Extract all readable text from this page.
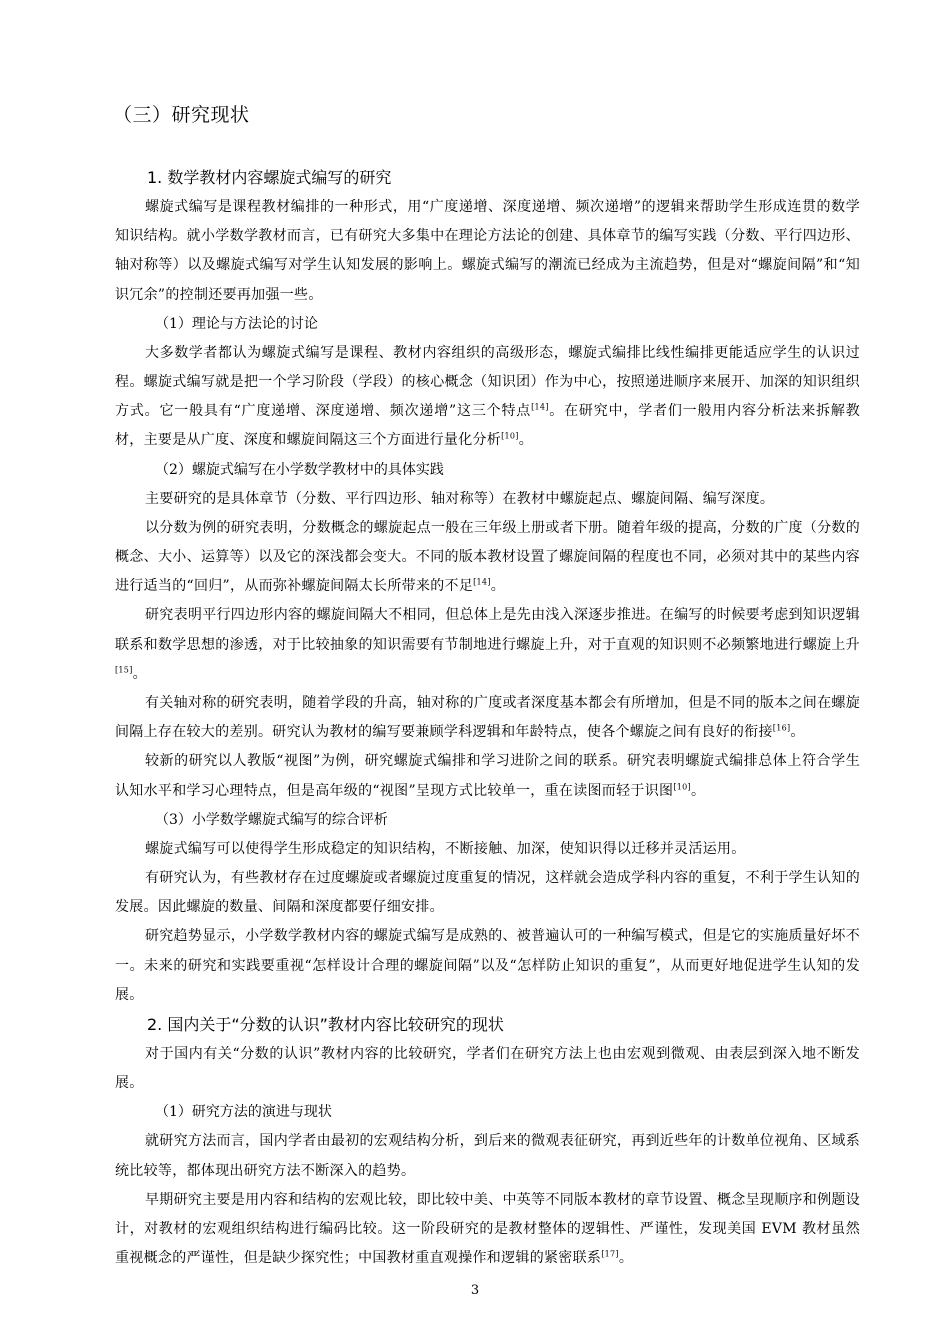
（三）研究现状
1. 数学教材内容螺旋式编写的研究

螺旋式编写是课程教材编排的一种形式，用“广度递增、深度递增、频次递增”的逻辑来帮助学生形成连贯的数学知识结构。就小学数学教材而言，已有研究大多集中在理论方法论的创建、具体章节的编写实践（分数、平行四边形、轴对称等）以及螺旋式编写对学生认知发展的影响上。螺旋式编写的潮流已经成为主流趋势，但是对“螺旋间隔”和“知识冗余”的控制还要再加强一些。

（1）理论与方法论的讨论

大多数学者都认为螺旋式编写是课程、教材内容组织的高级形态，螺旋式编排比线性编排更能适应学生的认识过程。螺旋式编写就是把一个学习阶段（学段）的核心概念（知识团）作为中心，按照递进顺序来展开、加深的知识组织方式。它一般具有“广度递增、深度递增、频次递增”这三个特点[14]。在研究中，学者们一般用内容分析法来拆解教材，主要是从广度、深度和螺旋间隔这三个方面进行量化分析[10]。

（2）螺旋式编写在小学数学教材中的具体实践

主要研究的是具体章节（分数、平行四边形、轴对称等）在教材中螺旋起点、螺旋间隔、编写深度。

以分数为例的研究表明，分数概念的螺旋起点一般在三年级上册或者下册。随着年级的提高，分数的广度（分数的概念、大小、运算等）以及它的深浅都会变大。不同的版本教材设置了螺旋间隔的程度也不同，必须对其中的某些内容进行适当的“回归”，从而弥补螺旋间隔太长所带来的不足[14]。

研究表明平行四边形内容的螺旋间隔大不相同，但总体上是先由浅入深逐步推进。在编写的时候要考虑到知识逻辑联系和数学思想的渗透，对于比较抽象的知识需要有节制地进行螺旋上升，对于直观的知识则不必频繁地进行螺旋上升[15]。

有关轴对称的研究表明，随着学段的升高，轴对称的广度或者深度基本都会有所增加，但是不同的版本之间在螺旋间隔上存在较大的差别。研究认为教材的编写要兼顾学科逻辑和年龄特点，使各个螺旋之间有良好的衔接[16]。

较新的研究以人教版“视图”为例，研究螺旋式编排和学习进阶之间的联系。研究表明螺旋式编排总体上符合学生认知水平和学习心理特点，但是高年级的“视图”呈现方式比较单一，重在读图而轻于识图[10]。

（3）小学数学螺旋式编写的综合评析

螺旋式编写可以使得学生形成稳定的知识结构，不断接触、加深，使知识得以迁移并灵活运用。

有研究认为，有些教材存在过度螺旋或者螺旋过度重复的情况，这样就会造成学科内容的重复，不利于学生认知的发展。因此螺旋的数量、间隔和深度都要仔细安排。

研究趋势显示，小学数学教材内容的螺旋式编写是成熟的、被普遍认可的一种编写模式，但是它的实施质量好坏不一。未来的研究和实践要重视“怎样设计合理的螺旋间隔”以及“怎样防止知识的重复”，从而更好地促进学生认知的发展。

2. 国内关于“分数的认识”教材内容比较研究的现状

对于国内有关“分数的认识”教材内容的比较研究，学者们在研究方法上也由宏观到微观、由表层到深入地不断发展。

（1）研究方法的演进与现状

就研究方法而言，国内学者由最初的宏观结构分析，到后来的微观表征研究，再到近些年的计数单位视角、区域系统比较等，都体现出研究方法不断深入的趋势。

早期研究主要是用内容和结构的宏观比较，即比较中美、中英等不同版本教材的章节设置、概念呈现顺序和例题设计，对教材的宏观组织结构进行编码比较。这一阶段研究的是教材整体的逻辑性、严谨性，发现美国 EVM 教材虽然重视概念的严谨性，但是缺少探究性；中国教材重直观操作和逻辑的紧密联系[17]。

3
